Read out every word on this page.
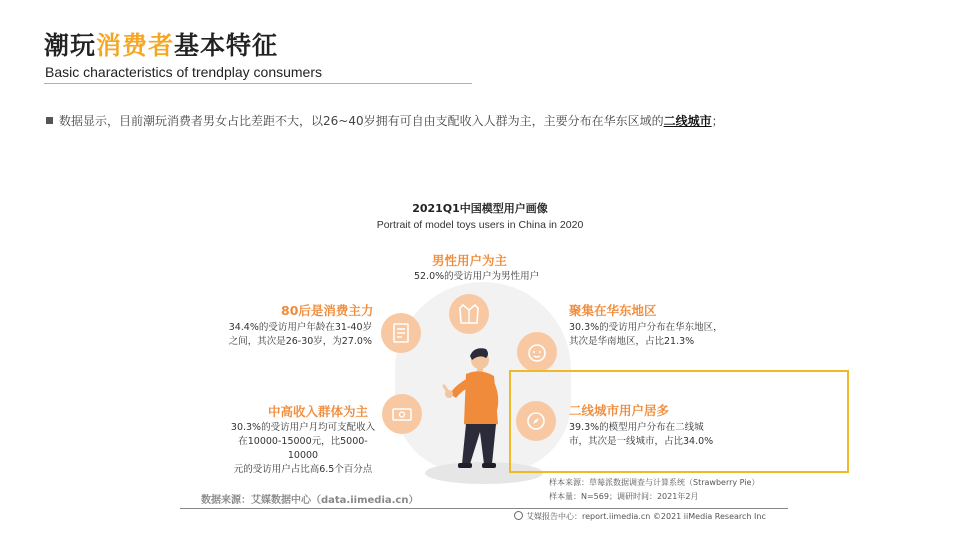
潮玩消费者基本特征
Basic characteristics of trendplay consumers
数据显示，目前潮玩消费者男女占比差距不大，以26~40岁拥有可自由支配收入人群为主，主要分布在华东区域的二线城市；
2021Q1中国模型用户画像
Portrait of model toys users in China in 2020
男性用户为主
52.0%的受访用户为男性用户
80后是消费主力
34.4%的受访用户年龄在31-40岁
之间，其次是26-30岁，为27.0%
聚集在华东地区
30.3%的受访用户分布在华东地区，
其次是华南地区，占比21.3%
中高收入群体为主
30.3%的受访用户月均可支配收入
在10000-15000元，比5000-10000
元的受访用户占比高6.5个百分点
二线城市用户居多
39.3%的模型用户分布在二线城
市，其次是一线城市，占比34.0%
样本来源：草莓派数据调查与计算系统（Strawberry Pie）
样本量：N=569；调研时间：2021年2月
数据来源：艾媒数据中心（data.iimedia.cn）
艾媒报告中心：report.iimedia.cn ©2021 iiMedia Research Inc
